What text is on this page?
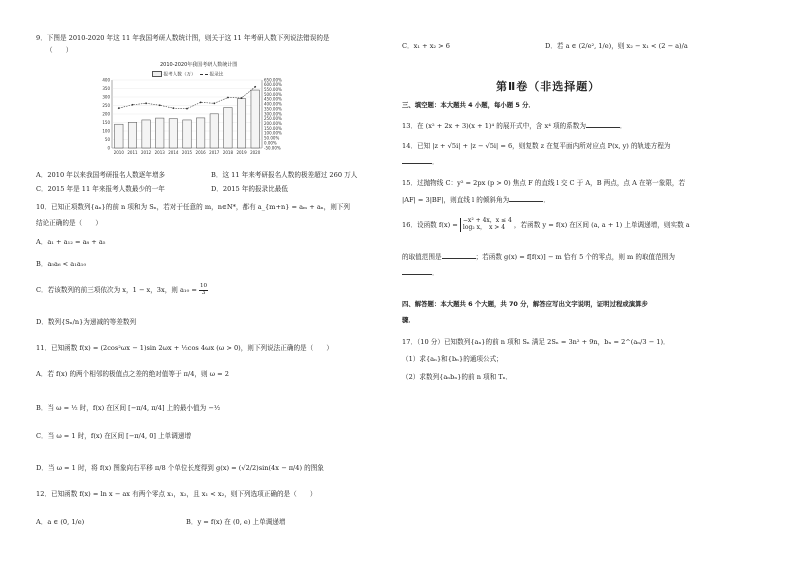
9．下图是 2010-2020 年这 11 年我国考研人数统计图，则关于这 11 年考研人数下列说法错误的是
（　　）
2010-2020年我国考研人数统计图
报考人数（万）	报录比
0
50
100
150
200
250
300
350
400
-50.00%
0.00%
50.00%
100.00%
150.00%
200.00%
250.00%
300.00%
350.00%
400.00%
450.00%
500.00%
550.00%
600.00%
650.00%
2010 2011 2012 2013 2014 2015 2016 2017 2018 2019 2020
A．2010 年以来我国考研报名人数逐年增多	B．这 11 年来考研报名人数的极差超过 260 万人
C．2015 年是 11 年来报考人数最少的一年	D．2015 年的报录比最低
10．已知正项数列{aₙ}的前 n 项和为 Sₙ，若对于任意的 m，n∈N*，都有 a_{m+n} = aₘ + aₙ，则下列
结论正确的是（　　）
A．a₁ + a₁₂ = a₈ + a₅
B．a₅a₆ < a₁a₁₀
C．若该数列的前三项依次为 x，1 − x，3x，则 $a_{10} = \frac{10}{3}$
D．数列{Sₙ/n}为递减的等差数列
11．已知函数 f(x) = (2cos²ωx − 1)sin 2ωx + ½cos 4ωx (ω > 0)，则下列说法正确的是（　　）
A．若 f(x) 的两个相邻的极值点之差的绝对值等于 π/4，则 ω = 2
B．当 ω = ½ 时，f(x) 在区间 [−π/4, π/4] 上的最小值为 −½
C．当 ω = 1 时，f(x) 在区间 [−π/4, 0] 上单调递增
D．当 ω = 1 时，将 f(x) 图象向右平移 π/8 个单位长度得到 g(x) = (√2/2)sin(4x − π/4) 的图象
12．已知函数 f(x) = ln x − ax 有两个零点 x₁，x₂，且 x₁ < x₂，则下列选项正确的是（　　）
A．a ∈ (0, 1/e)	B．y = f(x) 在 (0, e) 上单调递增
C．x₁ + x₂ > 6	D．若 a ∈ (2/e², 1/e)，则 x₂ − x₁ < (2 − a)/a
第Ⅱ卷（非选择题）
三、填空题：本大题共 4 小题，每小题 5 分．
13．在 (x² + 2x + 3)(x + 1)⁴ 的展开式中，含 x⁴ 项的系数为	．
14．已知 |z + √5i| + |z − √5i| = 6，则复数 z 在复平面内所对应点 P(x, y) 的轨迹方程为
．
15．过抛物线 C：y² = 2px (p > 0) 焦点 F 的直线 l 交 C 于 A，B 两点，点 A 在第一象限，若
|AF| = 3|BF|，则直线 l 的倾斜角为	．
16．设函数 f(x) =
−x² + 4x，x ≤ 4
log₂ x，　x > 4	，若函数 y = f(x) 在区间 (a, a + 1) 上单调递增，则实数 a
的取值范围是	；若函数 g(x) = f[f(x)] − m 恰有 5 个的零点，则 m 的取值范围为
．
四、解答题：本大题共 6 个大题，共 70 分，解答应写出文字说明，证明过程或演算步
骤．
17．（10 分）已知数列{aₙ}的前 n 项和 Sₙ 满足 2Sₙ = 3n² + 9n，bₙ = 2^(aₙ/3 − 1)．
（1）求{aₙ}和{bₙ}的通项公式；
（2）求数列{aₙbₙ}的前 n 项和 Tₙ．
